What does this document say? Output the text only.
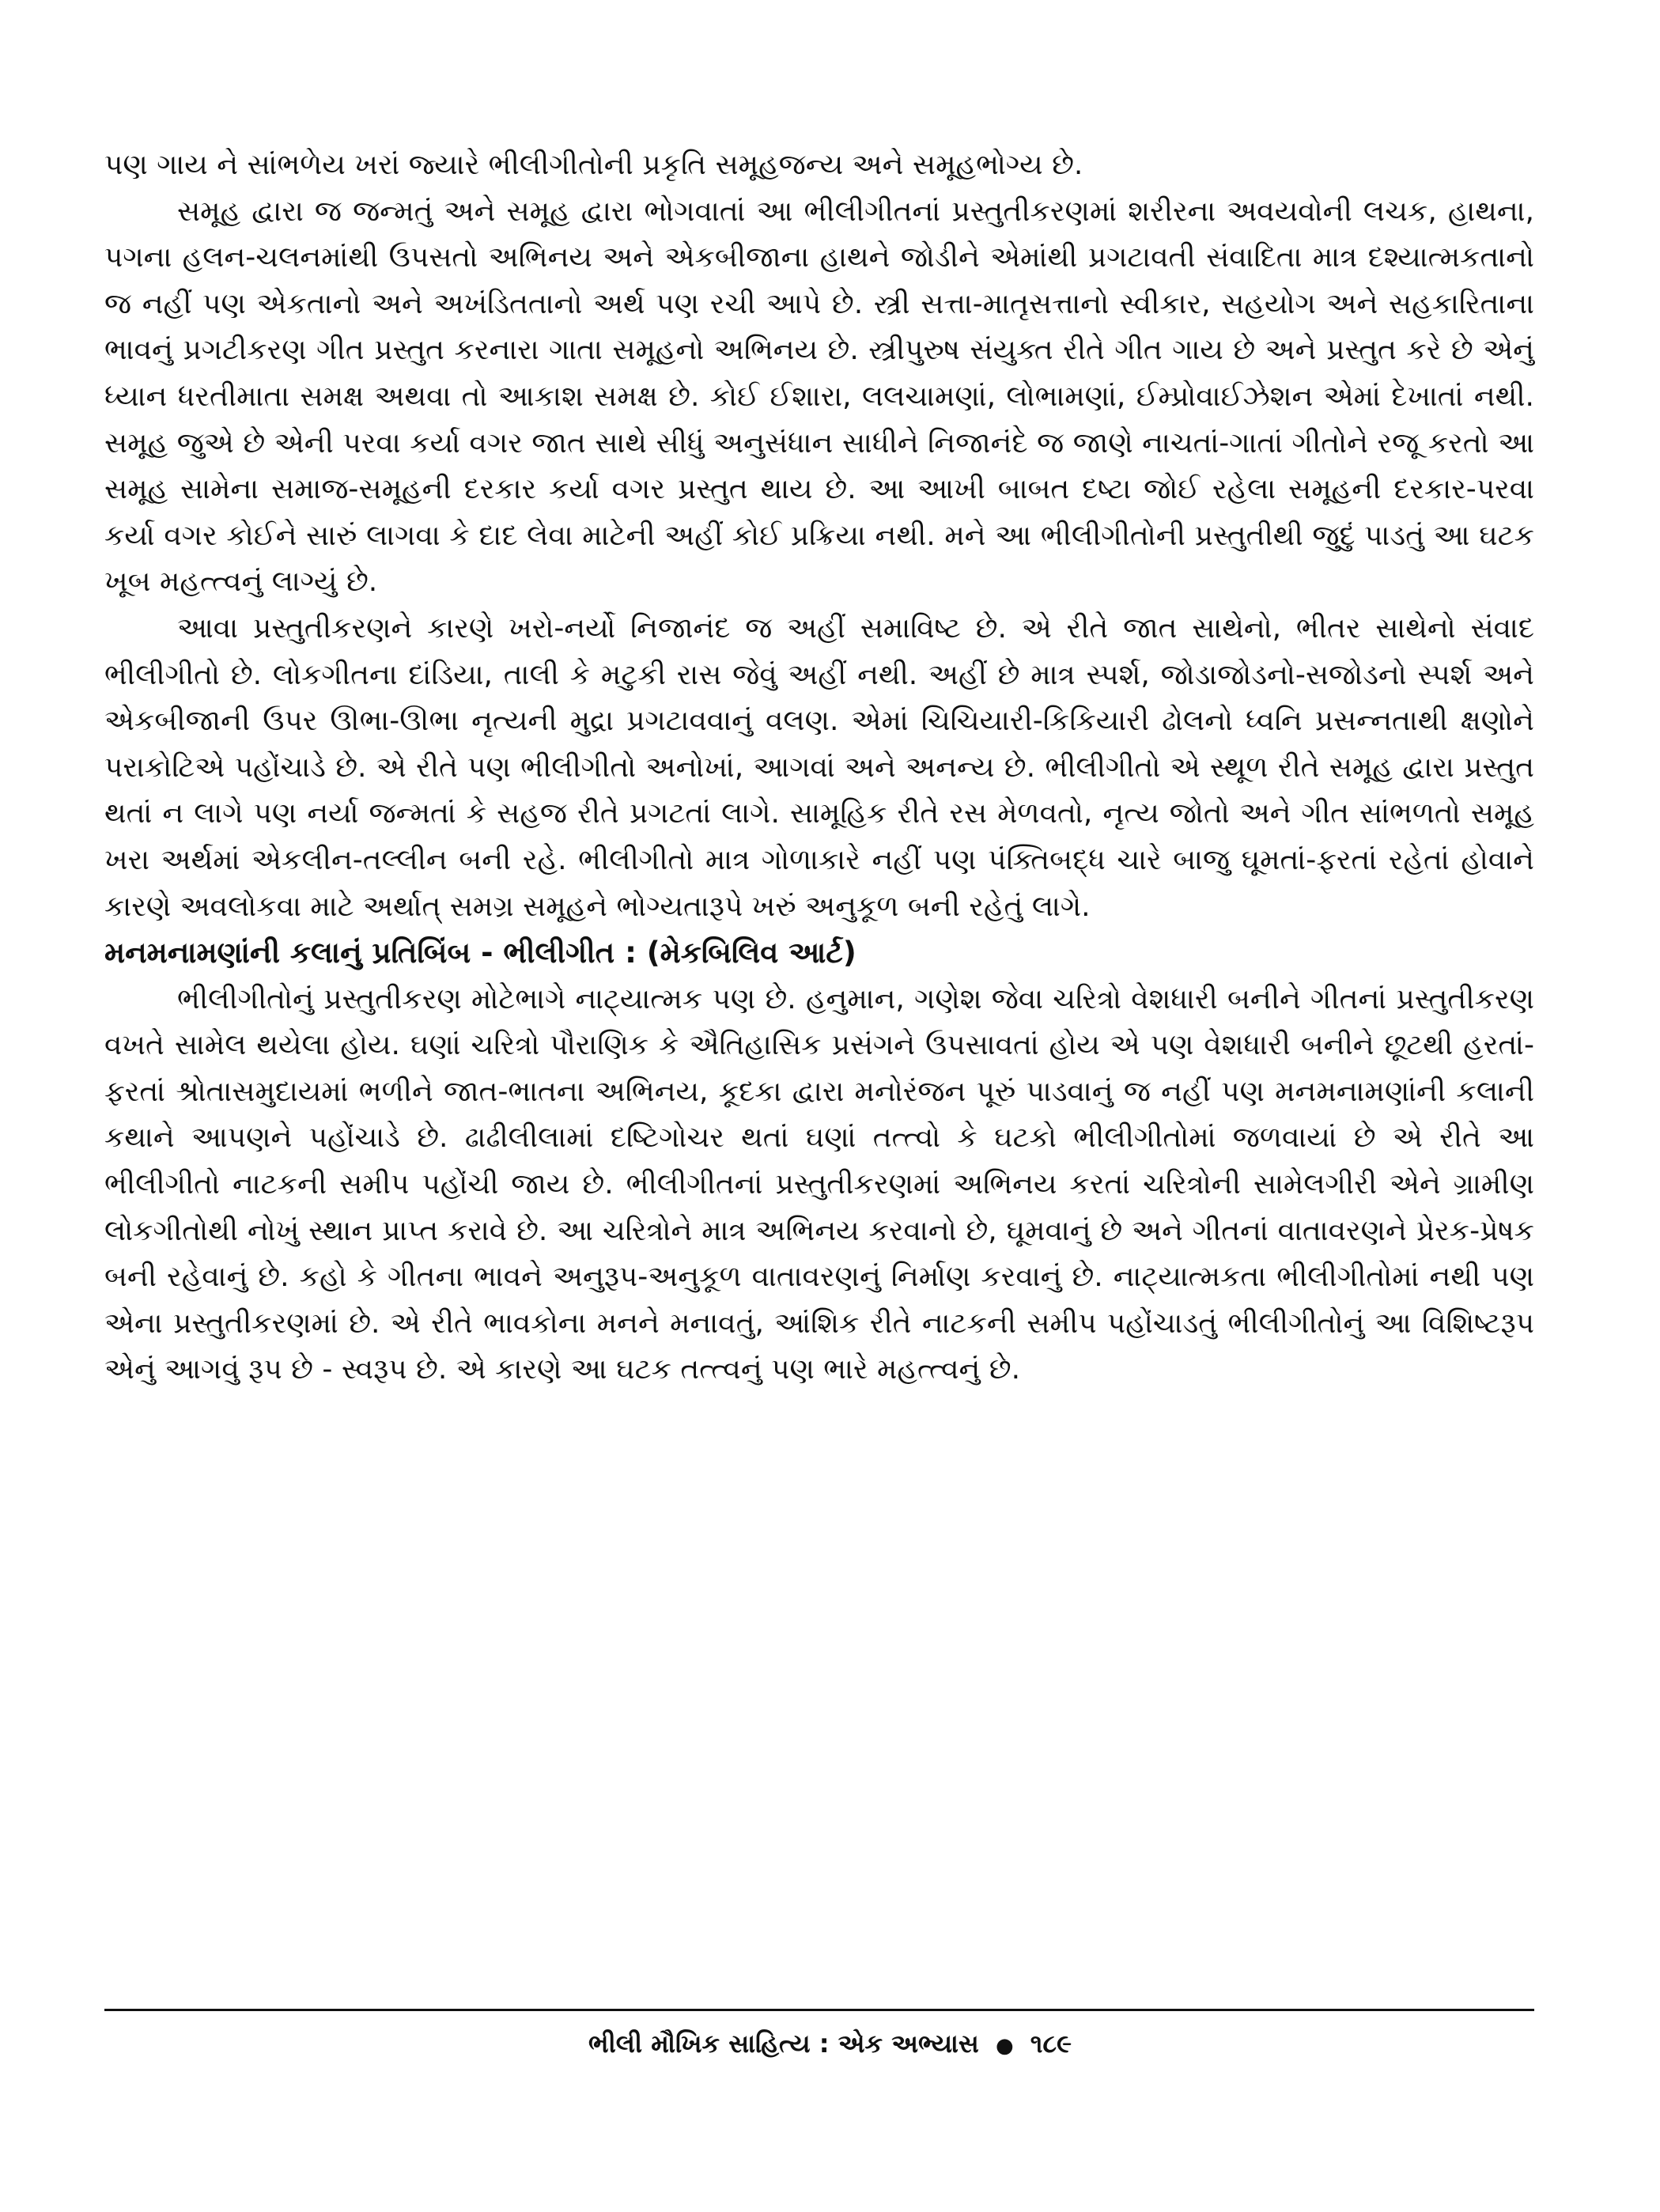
પણ ગાય ને સાંભળેય ખરાં જ્યારે ભીલીગીતોની પ્રકૃતિ સમૂહજન્ય અને સમૂહભોગ્ય છે.

સમૂહ દ્વારા જ જન્મતું અને સમૂહ દ્વારા ભોગવાતાં આ ભીલીગીતનાં પ્રસ્તુતીકરણમાં શરીરના અવયવોની લચક, હાથના, પગના હલન-ચલનમાંથી ઉપસતો અભિનય અને એકબીજાના હાથને જોડીને એમાંથી પ્રગટાવતી સંવાદિતા માત્ર દશ્યાત્મકતાનો જ નહીં પણ એકતાનો અને અખંડિતતાનો અર્થ પણ રચી આપે છે. સ્ત્રી સત્તા-માતૃસત્તાનો સ્વીકાર, સહયોગ અને સહકારિતાના ભાવનું પ્રગટીકરણ ગીત પ્રસ્તુત કરનારા ગાતા સમૂહનો અભિનય છે. સ્ત્રીપુરુષ સંયુક્ત રીતે ગીત ગાય છે અને પ્રસ્તુત કરે છે એનું ધ્યાન ધરતીમાતા સમક્ષ અથવા તો આકાશ સમક્ષ છે. કોઈ ઈશારા, લલચામણાં, લોભામણાં, ઈમ્પ્રોવાઈઝેશન એમાં દેખાતાં નથી. સમૂહ જુએ છે એની પરવા કર્યા વગર જાત સાથે સીધું અનુસંધાન સાધીને નિજાનંદે જ જાણે નાચતાં-ગાતાં ગીતોને રજૂ કરતો આ સમૂહ સામેના સમાજ-સમૂહની દરકાર કર્યા વગર પ્રસ્તુત થાય છે. આ આખી બાબત દષ્ટા જોઈ રહેલા સમૂહની દરકાર-પરવા કર્યા વગર કોઈને સારું લાગવા કે દાદ લેવા માટેની અહીં કોઈ પ્રક્રિયા નથી. મને આ ભીલીગીતોની પ્રસ્તુતીથી જુદું પાડતું આ ઘટક ખૂબ મહત્ત્વનું લાગ્યું છે.

આવા પ્રસ્તુતીકરણને કારણે ખરો-નર્યો નિજાનંદ જ અહીં સમાવિષ્ટ છે. એ રીતે જાત સાથેનો, ભીતર સાથેનો સંવાદ ભીલીગીતો છે. લોકગીતના દાંડિયા, તાલી કે મટુકી રાસ જેવું અહીં નથી. અહીં છે માત્ર સ્પર્શ, જોડાજોડનો-સજોડનો સ્પર્શ અને એકબીજાની ઉપર ઊભા-ઊભા નૃત્યની મુદ્રા પ્રગટાવવાનું વલણ. એમાં ચિચિયારી-કિકિયારી ઢોલનો ધ્વનિ પ્રસન્નતાથી ક્ષણોને પરાકોટિએ પહોંચાડે છે. એ રીતે પણ ભીલીગીતો અનોખાં, આગવાં અને અનન્ય છે. ભીલીગીતો એ સ્થૂળ રીતે સમૂહ દ્વારા પ્રસ્તુત થતાં ન લાગે પણ નર્યા જન્મતાં કે સહજ રીતે પ્રગટતાં લાગે. સામૂહિક રીતે રસ મેળવતો, નૃત્ય જોતો અને ગીત સાંભળતો સમૂહ ખરા અર્થમાં એકલીન-તલ્લીન બની રહે. ભીલીગીતો માત્ર ગોળાકારે નહીં પણ પંક્તિબદ્ધ ચારે બાજુ ઘૂમતાં-ફરતાં રહેતાં હોવાને કારણે અવલોકવા માટે અર્થાત્ સમગ્ર સમૂહને ભોગ્યતારૂપે ખરું અનુકૂળ બની રહેતું લાગે.

મનમનામણાંની કલાનું પ્રતિબિંબ - ભીલીગીત : (મેકબિલિવ આર્ટ)

ભીલીગીતોનું પ્રસ્તુતીકરણ મોટેભાગે નાટ્યાત્મક પણ છે. હનુમાન, ગણેશ જેવા ચરિત્રો વેશધારી બનીને ગીતનાં પ્રસ્તુતીકરણ વખતે સામેલ થયેલા હોય. ઘણાં ચરિત્રો પૌરાણિક કે ઐતિહાસિક પ્રસંગને ઉપસાવતાં હોય એ પણ વેશધારી બનીને છૂટથી હરતાં-ફરતાં શ્રોતાસમુદાયમાં ભળીને જાત-ભાતના અભિનય, કૂદકા દ્વારા મનોરંજન પૂરું પાડવાનું જ નહીં પણ મનમનામણાંની કલાની કથાને આપણને પહોંચાડે છે. ઢાઢીલીલામાં દષ્ટિગોચર થતાં ઘણાં તત્ત્વો કે ઘટકો ભીલીગીતોમાં જળવાયાં છે એ રીતે આ ભીલીગીતો નાટકની સમીપ પહોંચી જાય છે. ભીલીગીતનાં પ્રસ્તુતીકરણમાં અભિનય કરતાં ચરિત્રોની સામેલગીરી એને ગ્રામીણ લોકગીતોથી નોખું સ્થાન પ્રાપ્ત કરાવે છે. આ ચરિત્રોને માત્ર અભિનય કરવાનો છે, ઘૂમવાનું છે અને ગીતનાં વાતાવરણને પ્રેરક-પ્રેષક બની રહેવાનું છે. કહો કે ગીતના ભાવને અનુરૂપ-અનુકૂળ વાતાવરણનું નિર્માણ કરવાનું છે. નાટ્યાત્મકતા ભીલીગીતોમાં નથી પણ એના પ્રસ્તુતીકરણમાં છે. એ રીતે ભાવકોના મનને મનાવતું, આંશિક રીતે નાટકની સમીપ પહોંચાડતું ભીલીગીતોનું આ વિશિષ્ટરૂપ એનું આગવું રૂપ છે - સ્વરૂપ છે. એ કારણે આ ઘટક તત્ત્વનું પણ ભારે મહત્ત્વનું છે.

ભીલી મૌખિક સાહિત્ય : એક અભ્યાસ ● ૧૮૯
